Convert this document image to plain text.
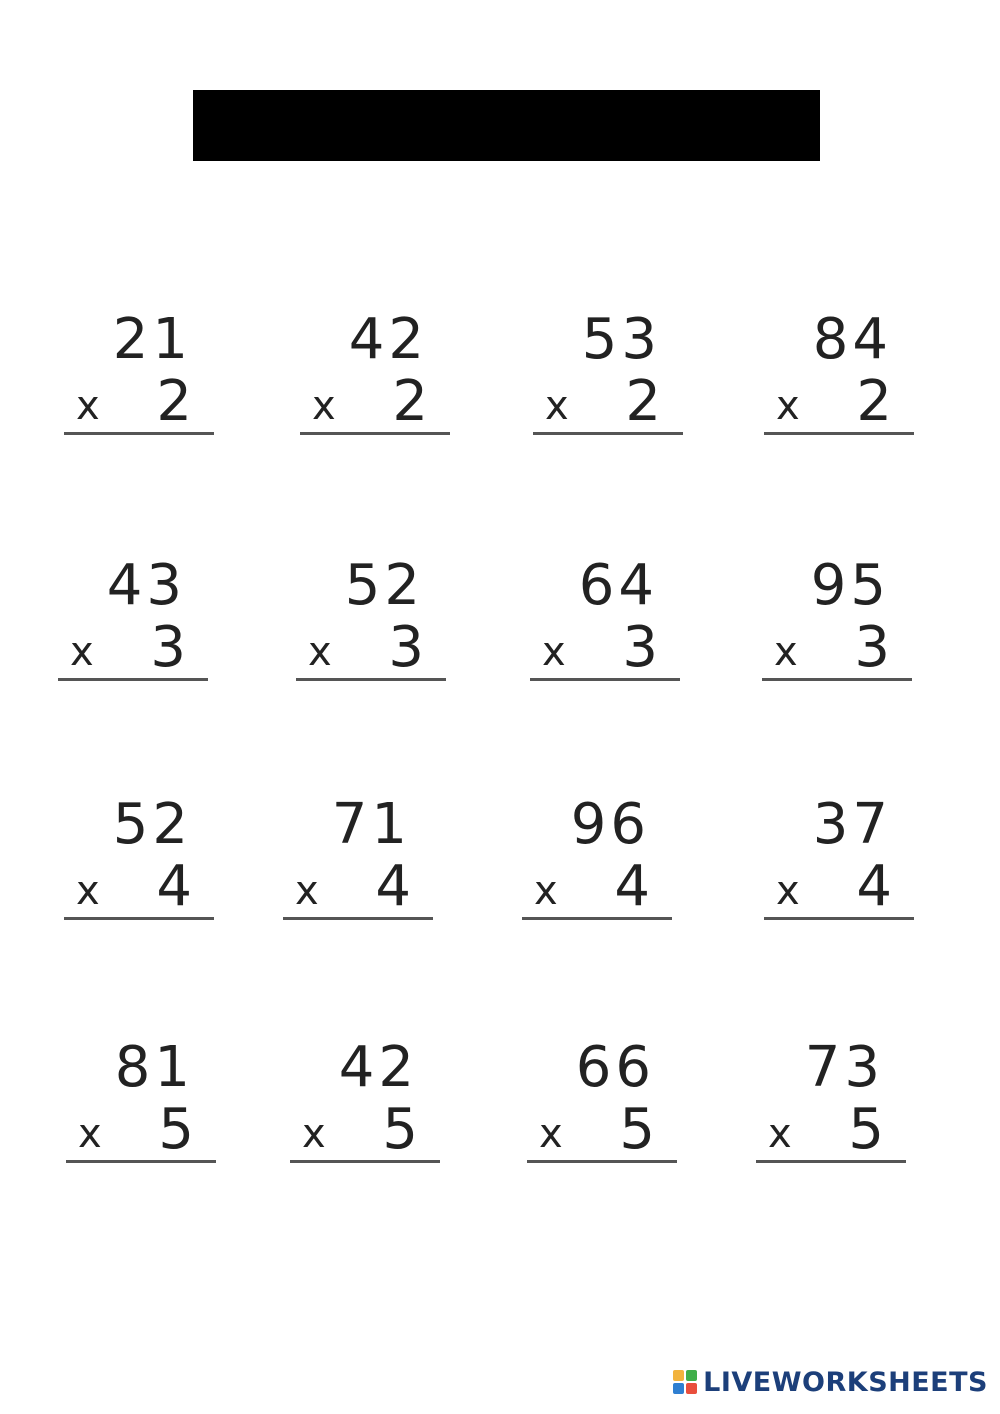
21
x 2
42
x 2
53
x 2
84
x 2
43
x 3
52
x 3
64
x 3
95
x 3
52
x 4
71
x 4
96
x 4
37
x 4
81
x 5
42
x 5
66
x 5
73
x 5
LIVEWORKSHEETS
